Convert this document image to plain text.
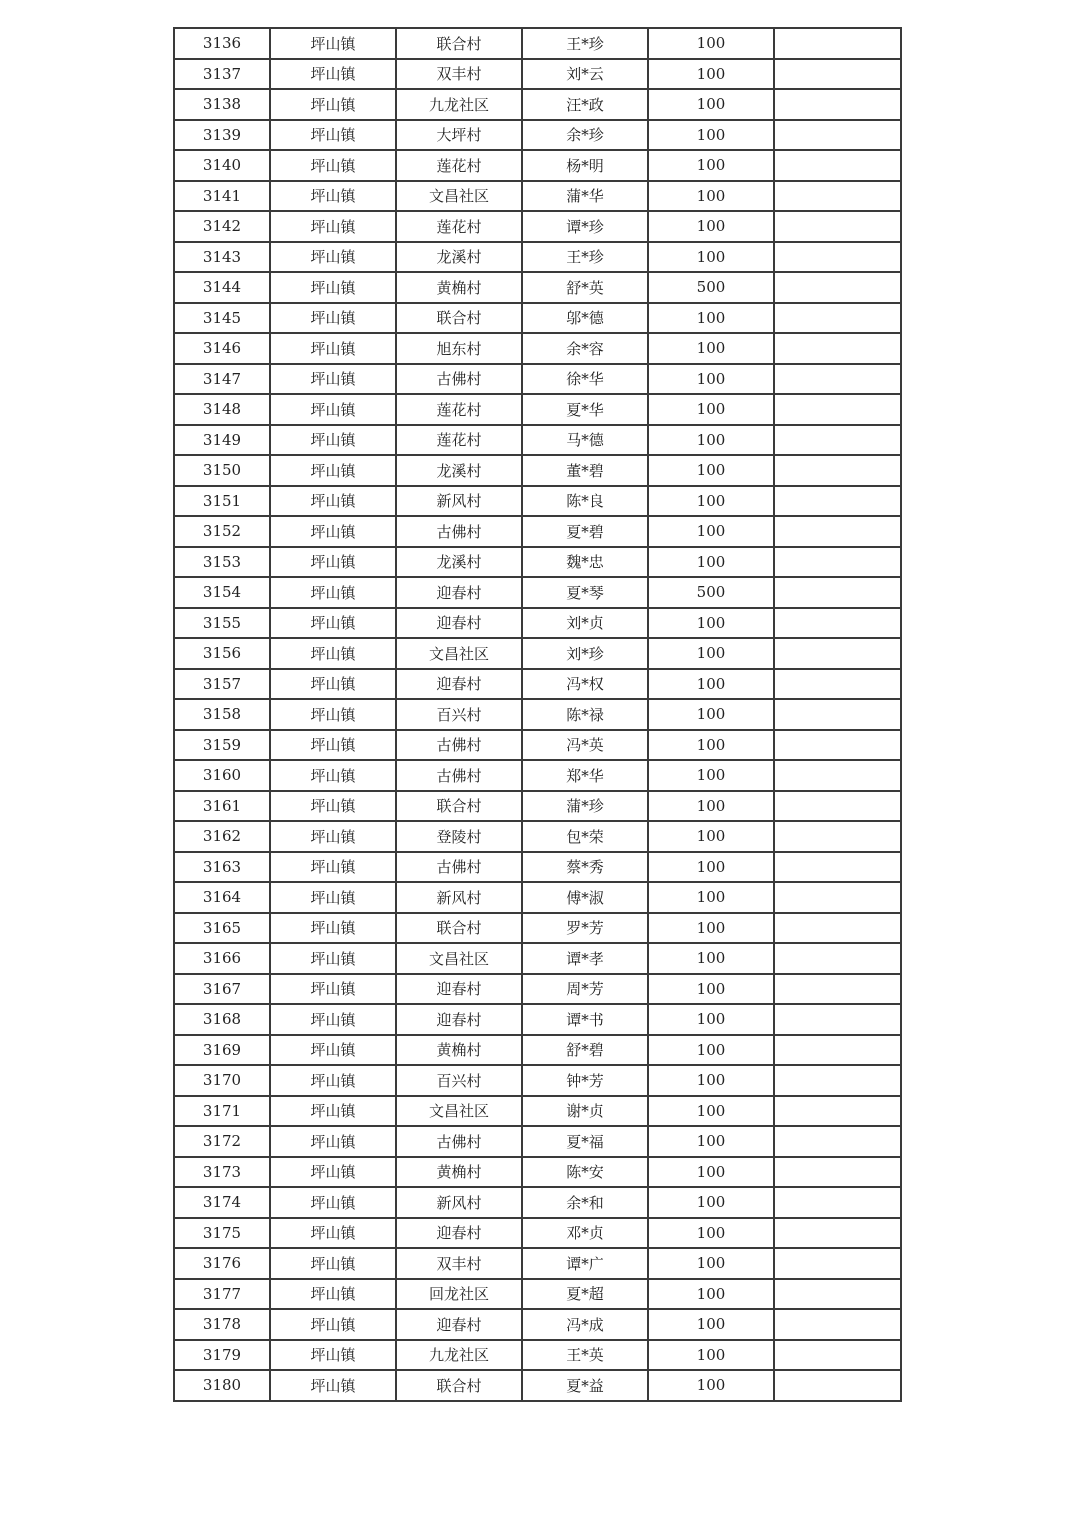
3136	坪山镇	联合村	王*珍	100	
3137	坪山镇	双丰村	刘*云	100	
3138	坪山镇	九龙社区	汪*政	100	
3139	坪山镇	大坪村	余*珍	100	
3140	坪山镇	莲花村	杨*明	100	
3141	坪山镇	文昌社区	蒲*华	100	
3142	坪山镇	莲花村	谭*珍	100	
3143	坪山镇	龙溪村	王*珍	100	
3144	坪山镇	黄桷村	舒*英	500	
3145	坪山镇	联合村	邬*德	100	
3146	坪山镇	旭东村	余*容	100	
3147	坪山镇	古佛村	徐*华	100	
3148	坪山镇	莲花村	夏*华	100	
3149	坪山镇	莲花村	马*德	100	
3150	坪山镇	龙溪村	董*碧	100	
3151	坪山镇	新风村	陈*良	100	
3152	坪山镇	古佛村	夏*碧	100	
3153	坪山镇	龙溪村	魏*忠	100	
3154	坪山镇	迎春村	夏*琴	500	
3155	坪山镇	迎春村	刘*贞	100	
3156	坪山镇	文昌社区	刘*珍	100	
3157	坪山镇	迎春村	冯*权	100	
3158	坪山镇	百兴村	陈*禄	100	
3159	坪山镇	古佛村	冯*英	100	
3160	坪山镇	古佛村	郑*华	100	
3161	坪山镇	联合村	蒲*珍	100	
3162	坪山镇	登陵村	包*荣	100	
3163	坪山镇	古佛村	蔡*秀	100	
3164	坪山镇	新风村	傅*淑	100	
3165	坪山镇	联合村	罗*芳	100	
3166	坪山镇	文昌社区	谭*孝	100	
3167	坪山镇	迎春村	周*芳	100	
3168	坪山镇	迎春村	谭*书	100	
3169	坪山镇	黄桷村	舒*碧	100	
3170	坪山镇	百兴村	钟*芳	100	
3171	坪山镇	文昌社区	谢*贞	100	
3172	坪山镇	古佛村	夏*福	100	
3173	坪山镇	黄桷村	陈*安	100	
3174	坪山镇	新风村	余*和	100	
3175	坪山镇	迎春村	邓*贞	100	
3176	坪山镇	双丰村	谭*广	100	
3177	坪山镇	回龙社区	夏*超	100	
3178	坪山镇	迎春村	冯*成	100	
3179	坪山镇	九龙社区	王*英	100	
3180	坪山镇	联合村	夏*益	100	
